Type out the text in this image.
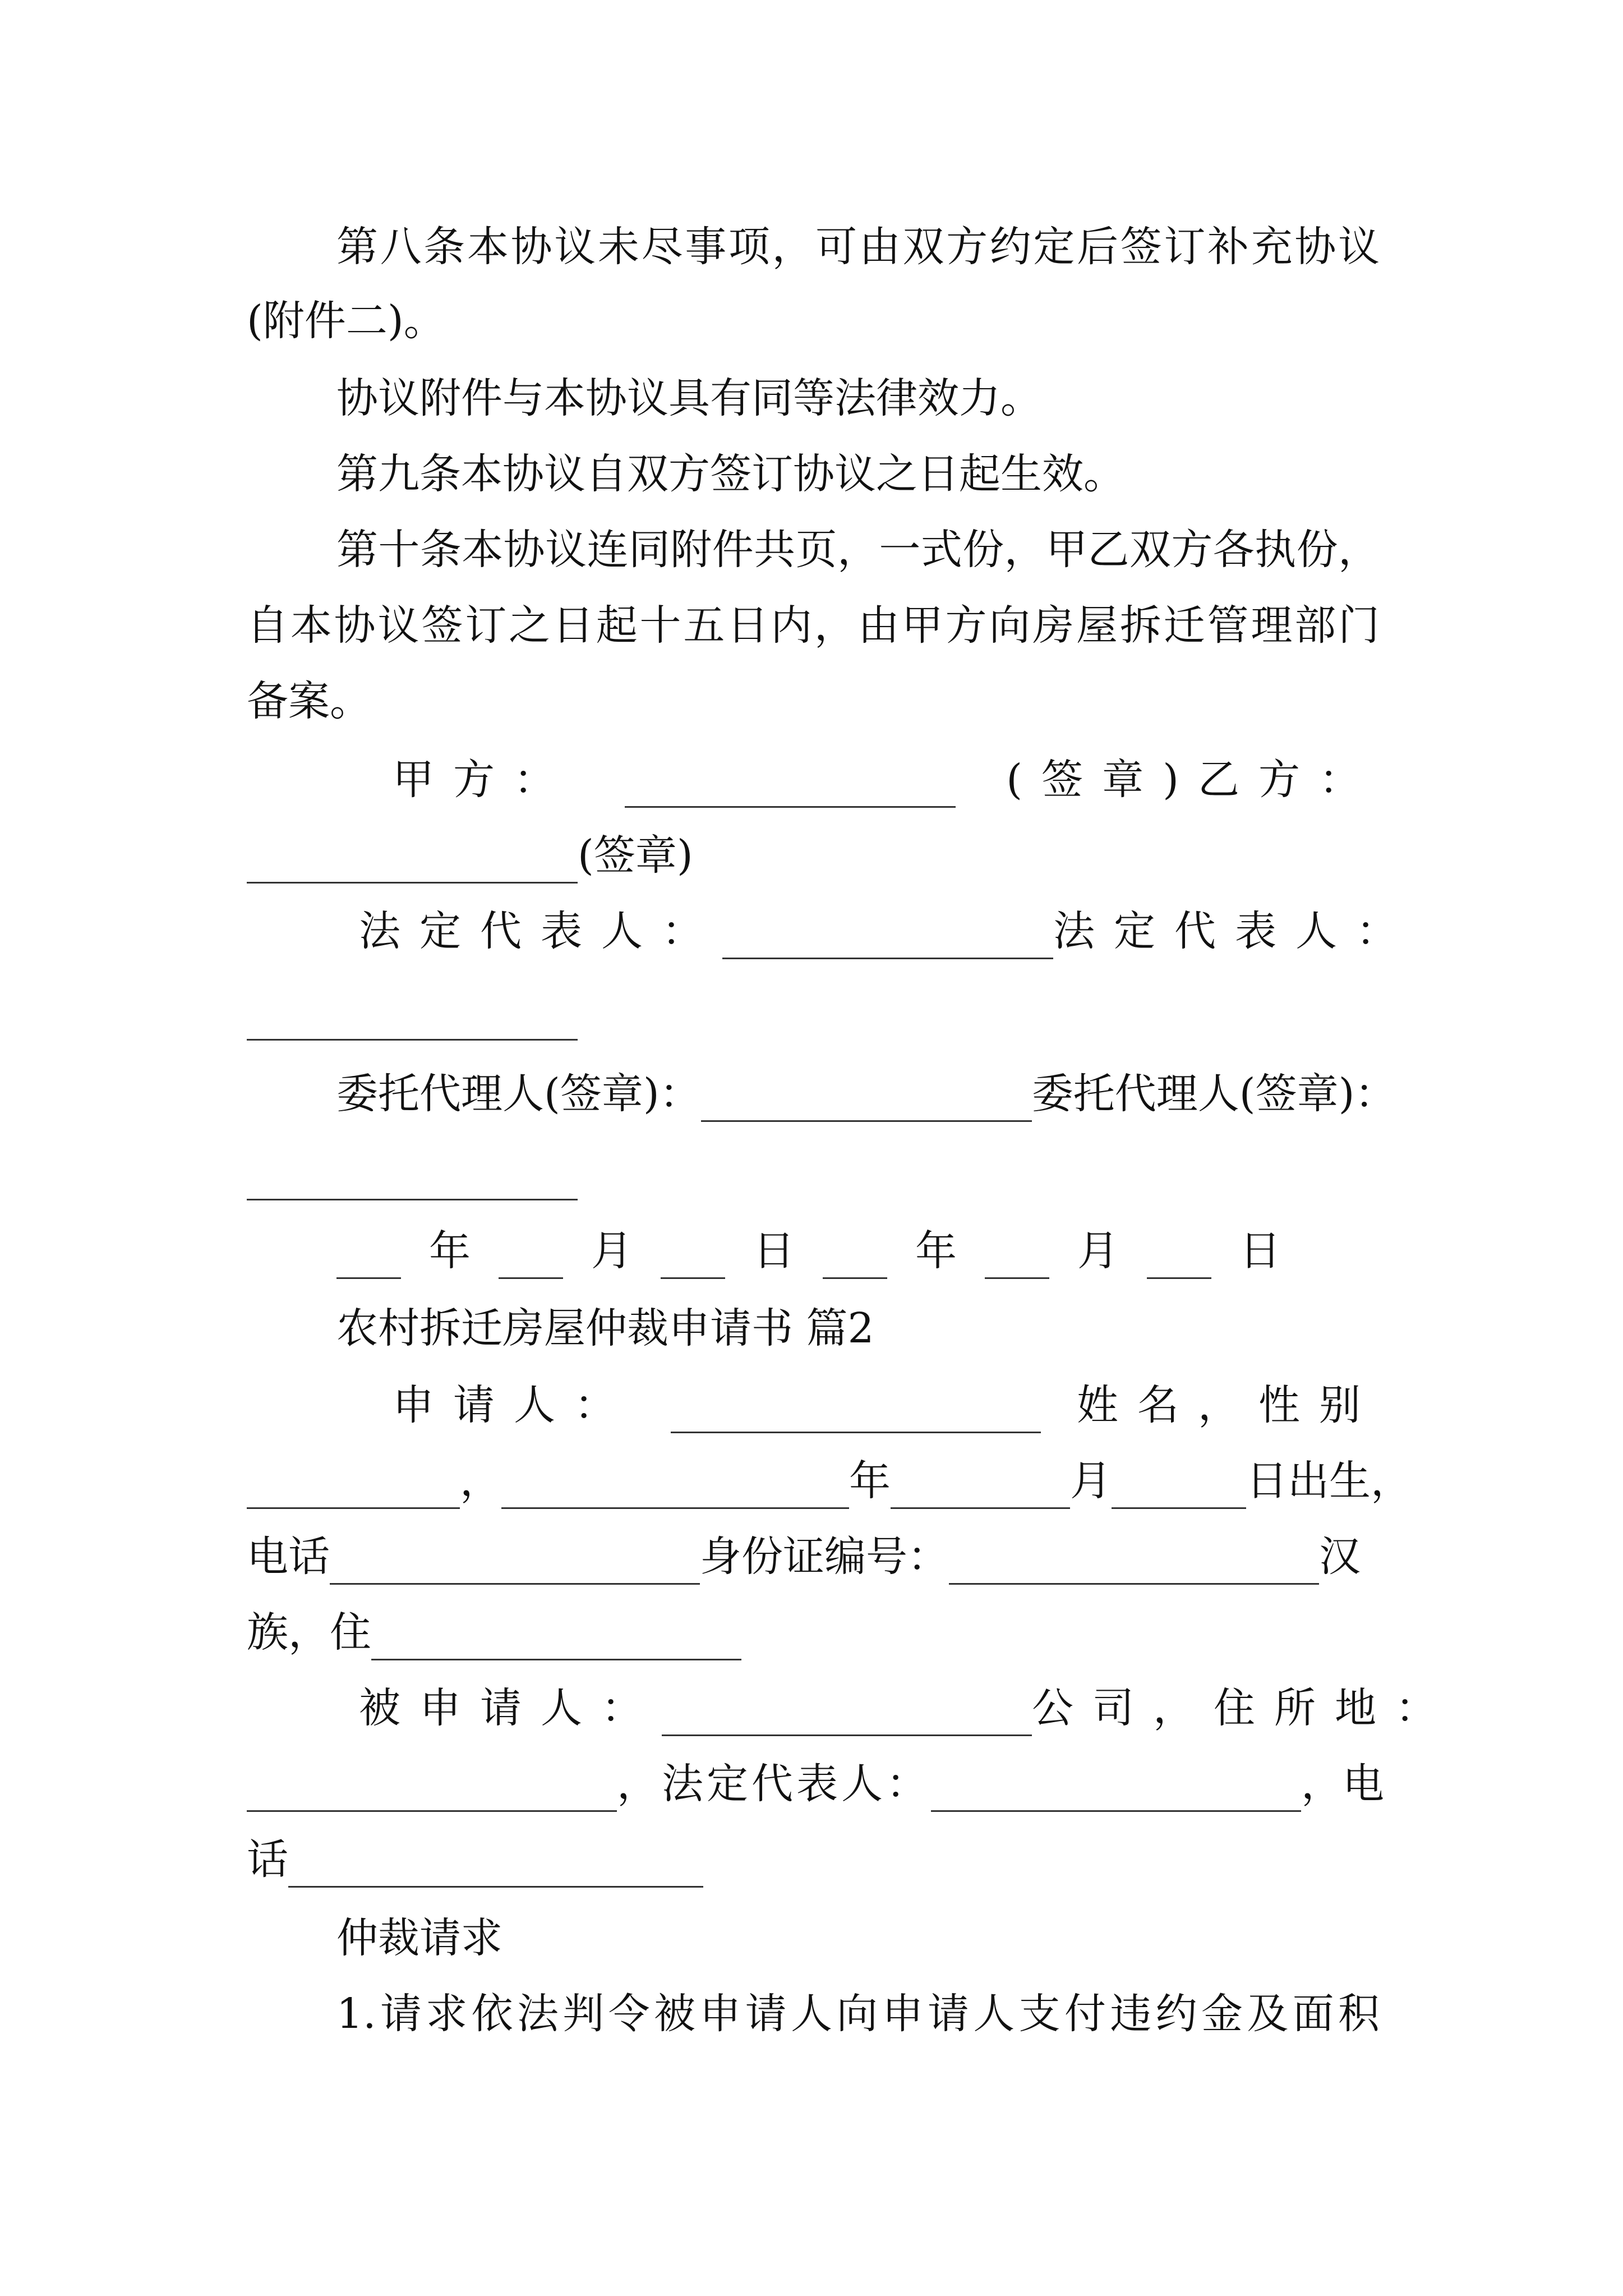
第八条本协议未尽事项，可由双方约定后签订补充协议
(附件二)。
协议附件与本协议具有同等法律效力。
第九条本协议自双方签订协议之日起生效。
第十条本协议连同附件共页，一式份，甲乙双方各执份，
自本协议签订之日起十五日内，由甲方向房屋拆迁管理部门
备案。
甲方：	(签章)乙方：
(签章)
法定代表人：	法定代表人：
委托代理人(签章)：	委托代理人(签章)：
年	月	日	年	月	日
农村拆迁房屋仲裁申请书 篇2
申请人：	姓名，性别
，	年	月	日出生，
电话	身份证编号：	汉
族，住
被申请人：	公司，住所地：
，法定代表人：	，电
话
仲裁请求
1.请求依法判令被申请人向申请人支付违约金及面积
